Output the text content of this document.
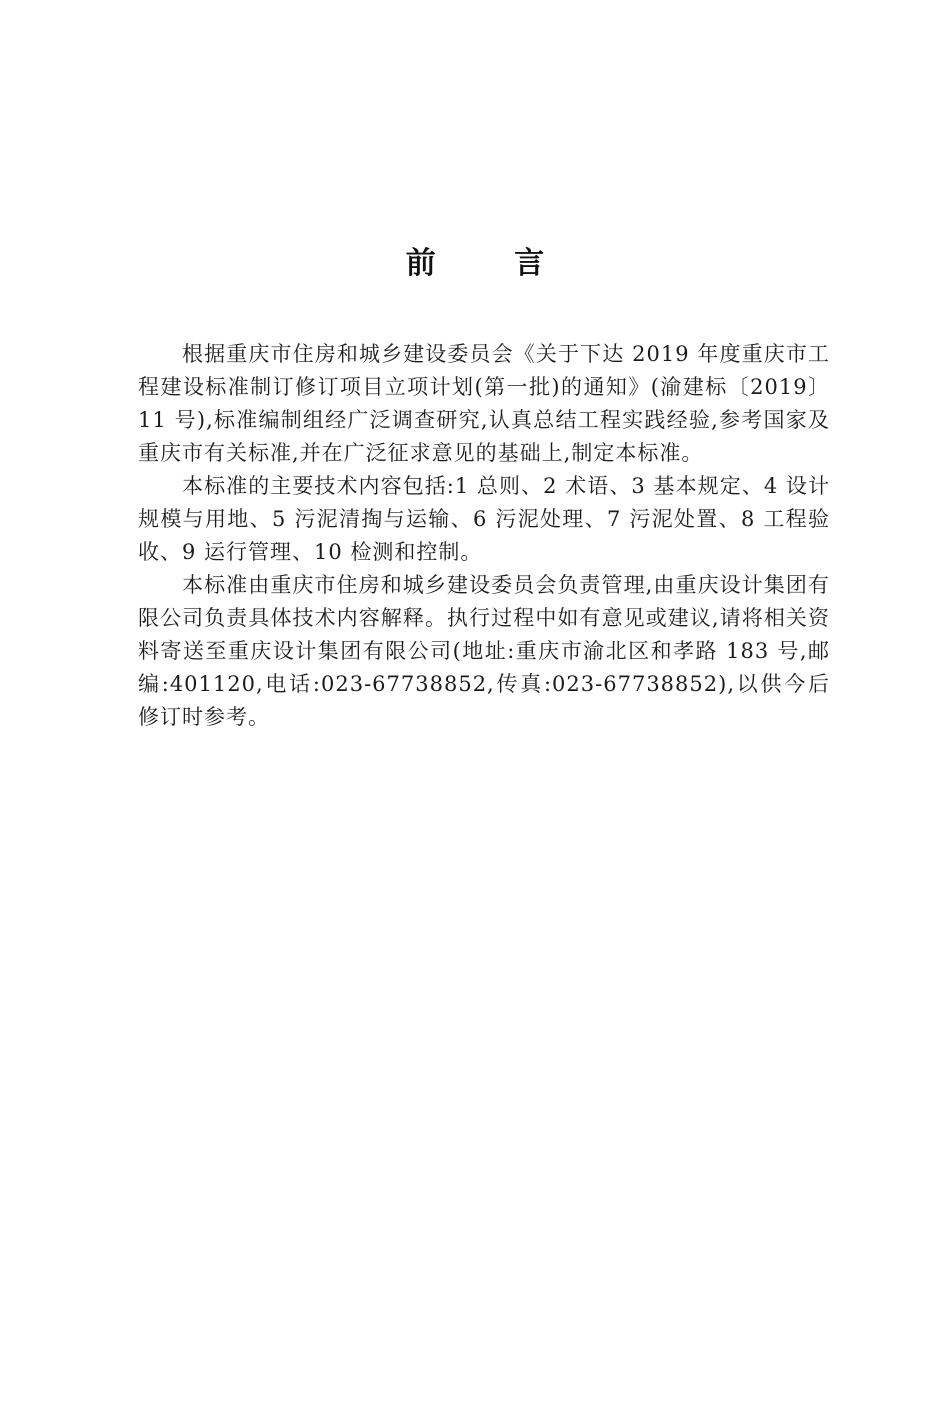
前 言

根据重庆市住房和城乡建设委员会《关于下达 2019 年度重庆市工程建设标准制订修订项目立项计划(第一批)的通知》(渝建标〔2019〕11 号),标准编制组经广泛调查研究,认真总结工程实践经验,参考国家及重庆市有关标准,并在广泛征求意见的基础上,制定本标准。

本标准的主要技术内容包括:1 总则、2 术语、3 基本规定、4 设计规模与用地、5 污泥清掏与运输、6 污泥处理、7 污泥处置、8 工程验收、9 运行管理、10 检测和控制。

本标准由重庆市住房和城乡建设委员会负责管理,由重庆设计集团有限公司负责具体技术内容解释。执行过程中如有意见或建议,请将相关资料寄送至重庆设计集团有限公司(地址:重庆市渝北区和孝路 183 号,邮编:401120,电话:023-67738852,传真:023-67738852),以供今后修订时参考。
